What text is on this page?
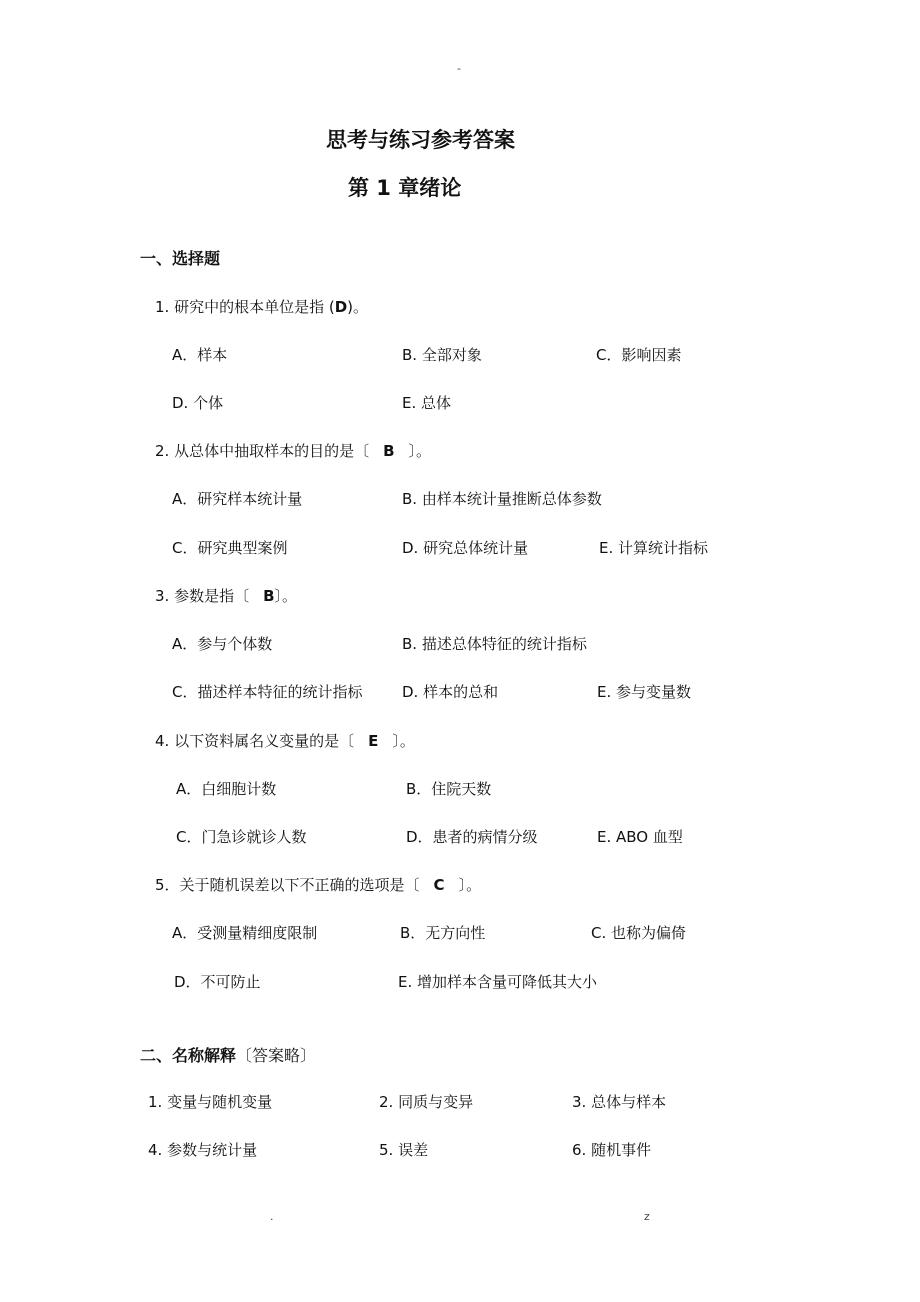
-
思考与练习参考答案
第 1 章绪论
一、选择题
1. 研究中的根本单位是指 (D)。
A．样本	B. 全部对象	C．影响因素
D. 个体	E. 总体
2. 从总体中抽取样本的目的是〔 B 〕。
A．研究样本统计量	B. 由样本统计量推断总体参数
C．研究典型案例	D. 研究总体统计量	E. 计算统计指标
3. 参数是指〔 B〕。
A．参与个体数	B. 描述总体特征的统计指标
C．描述样本特征的统计指标	D. 样本的总和	E. 参与变量数
4. 以下资料属名义变量的是〔 E 〕。
A．白细胞计数	B．住院天数
C．门急诊就诊人数	D．患者的病情分级	E. ABO 血型
5．关于随机误差以下不正确的选项是〔 C 〕。
A．受测量精细度限制	B．无方向性	C. 也称为偏倚
D．不可防止	E. 增加样本含量可降低其大小
二、名称解释〔答案略〕
1. 变量与随机变量	2. 同质与变异	3. 总体与样本
4. 参数与统计量	5. 误差	6. 随机事件
.	z
